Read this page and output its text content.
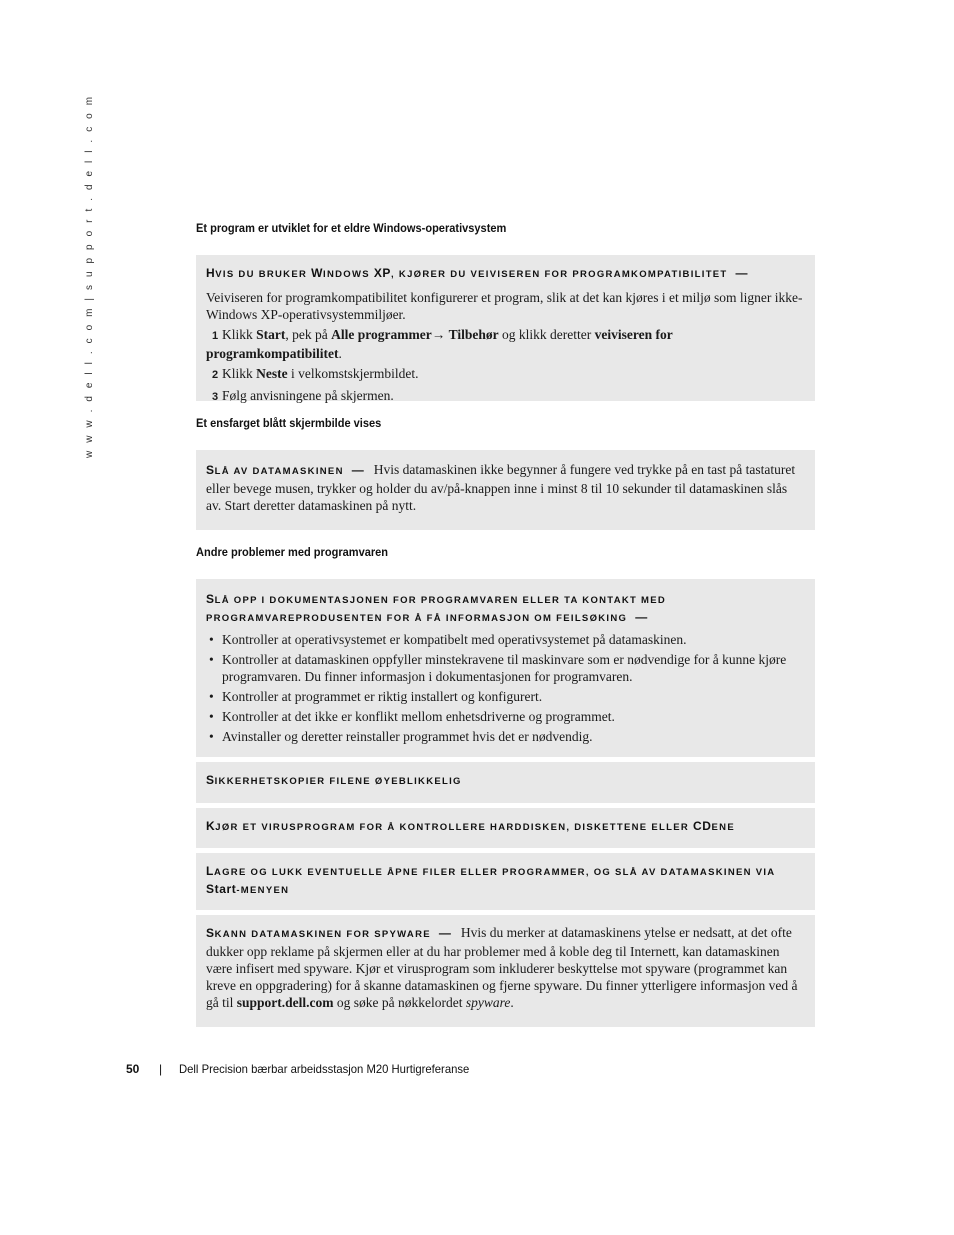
w w w . d e l l . c o m | s u p p o r t . d e l l . c o m	Et program er utviklet for et eldre Windows-operativsystem
HVIS DU BRUKER WINDOWS XP, KJØRER DU VEIVISEREN FOR PROGRAMKOMPATIBILITET —
Veiviseren for programkompatibilitet konfigurerer et program, slik at det kan kjøres i et miljø som ligner ikke-Windows XP-operativsystemmiljøer.
1 Klikk Start, pek på Alle programmer→ Tilbehør og klikk deretter veiviseren for programkompatibilitet.
2 Klikk Neste i velkomstskjermbildet.
3 Følg anvisningene på skjermen.
Et ensfarget blått skjermbilde vises
SLÅ AV DATAMASKINEN — Hvis datamaskinen ikke begynner å fungere ved trykke på en tast på tastaturet eller bevege musen, trykker og holder du av/på-knappen inne i minst 8 til 10 sekunder til datamaskinen slås av. Start deretter datamaskinen på nytt.
Andre problemer med programvaren
SLÅ OPP I DOKUMENTASJONEN FOR PROGRAMVAREN ELLER TA KONTAKT MED
PROGRAMVAREPRODUSENTEN FOR Å FÅ INFORMASJON OM FEILSØKING —
• Kontroller at operativsystemet er kompatibelt med operativsystemet på datamaskinen.
• Kontroller at datamaskinen oppfyller minstekravene til maskinvare som er nødvendige for å kunne kjøre programvaren. Du finner informasjon i dokumentasjonen for programvaren.
• Kontroller at programmet er riktig installert og konfigurert.
• Kontroller at det ikke er konflikt mellom enhetsdriverne og programmet.
• Avinstaller og deretter reinstaller programmet hvis det er nødvendig.
SIKKERHETSKOPIER FILENE ØYEBLIKKELIG
KJØR ET VIRUSPROGRAM FOR Å KONTROLLERE HARDDISKEN, DISKETTENE ELLER CDENE
LAGRE OG LUKK EVENTUELLE ÅPNE FILER ELLER PROGRAMMER, OG SLÅ AV DATAMASKINEN VIA
Start-MENYEN
SKANN DATAMASKINEN FOR SPYWARE — Hvis du merker at datamaskinens ytelse er nedsatt, at det ofte dukker opp reklame på skjermen eller at du har problemer med å koble deg til Internett, kan datamaskinen være infisert med spyware. Kjør et virusprogram som inkluderer beskyttelse mot spyware (programmet kan kreve en oppgradering) for å skanne datamaskinen og fjerne spyware. Du finner ytterligere informasjon ved å gå til support.dell.com og søke på nøkkelordet spyware.
50 | Dell Precision bærbar arbeidsstasjon M20 Hurtigreferanse
